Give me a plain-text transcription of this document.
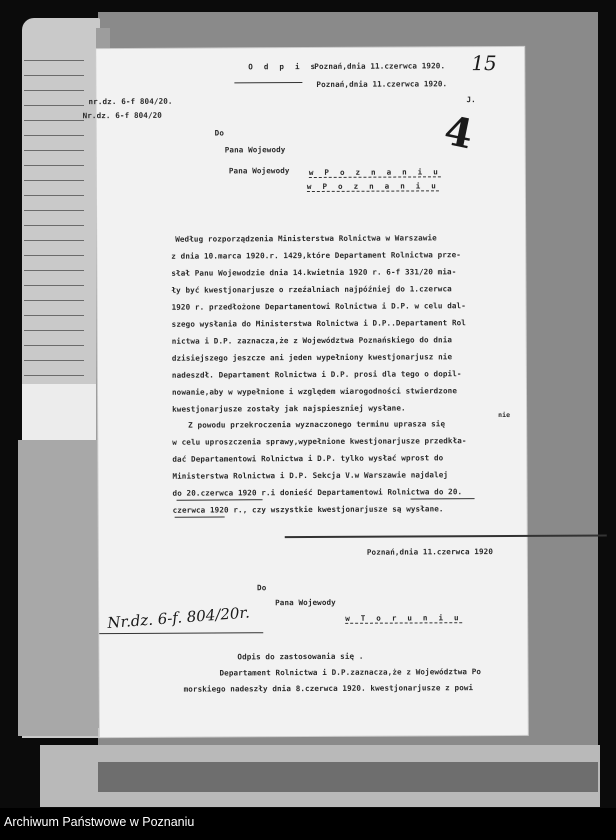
O d p i s
Poznań,dnia 11.czerwca 1920. 15
Poznań,dnia 11.czerwca 1920.
J.
nr.dz. 6-f 804/20.
Nr.dz. 6-f 804/20	4
Do
Pana Wojewody
Pana Wojewody	w P o z n a n i u
w P o z n a n i u
Według rozporządzenia Ministerstwa Rolnictwa w Warszawie
z dnia 10.marca 1920.r. 1429,które Departament Rolnictwa prze-
słał Panu Wojewodzie dnia 14.kwietnia 1920 r. 6-f 331/20 mia-
ły być kwestjonarjusze o rzeźalniach najpóźniej do 1.czerwca
1920 r. przedłożone Departamentowi Rolnictwa i D.P. w celu dal-
szego wysłania do Ministerstwa Rolnictwa i D.P..Departament Rol
nictwa i D.P. zaznacza,że z Województwa Poznańskiego do dnia
dzisiejszego jeszcze ani jeden wypełniony kwestjonarjusz nie
nadeszdł. Departament Rolnictwa i D.P. prosi dla tego o dopil-
nowanie,aby w wypełnione i względem wiarogodności stwierdzone
kwestjonarjusze zostały jak najspieszniej wysłane.
nie
Z powodu przekroczenia wyznaczonego terminu uprasza się
w celu uproszczenia sprawy,wypełnione kwestjonarjusze przedkła-
dać Departamentowi Rolnictwa i D.P. tylko wysłać wprost do
Ministerstwa Rolnictwa i D.P. Sekcja V.w Warszawie najdalej
do 20.czerwca 1920 r.i donieść Departamentowi Rolnictwa do 20.
czerwca 1920 r., czy wszystkie kwestjonarjusze są wysłane.
Poznań,dnia 11.czerwca 1920
Do
Pana Wojewody
w T o r u n i u
Nr.dz. 6-f. 804/20r.
Odpis do zastosowania się .
Departament Rolnictwa i D.P.zaznacza,że z Województwa Po
morskiego nadeszły dnia 8.czerwca 1920. kwestjonarjusze z powi
Archiwum Państwowe w Poznaniu
